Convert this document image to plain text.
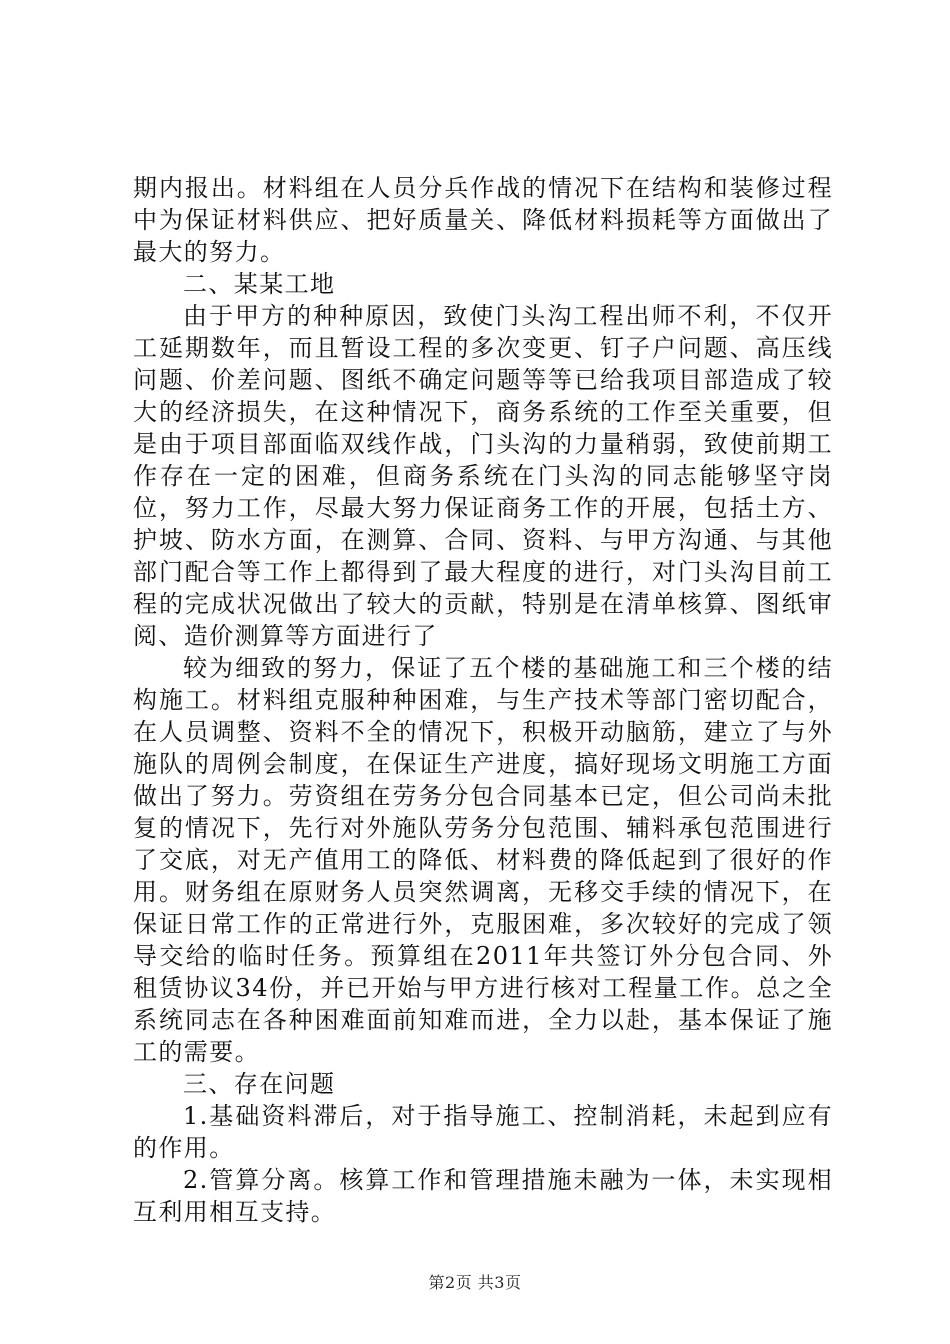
期内报出。材料组在人员分兵作战的情况下在结构和装修过程中为保证材料供应、把好质量关、降低材料损耗等方面做出了最大的努力。

二、某某工地

由于甲方的种种原因，致使门头沟工程出师不利，不仅开工延期数年，而且暂设工程的多次变更、钉子户问题、高压线问题、价差问题、图纸不确定问题等等已给我项目部造成了较大的经济损失，在这种情况下，商务系统的工作至关重要，但是由于项目部面临双线作战，门头沟的力量稍弱，致使前期工作存在一定的困难，但商务系统在门头沟的同志能够坚守岗位，努力工作，尽最大努力保证商务工作的开展，包括土方、护坡、防水方面，在测算、合同、资料、与甲方沟通、与其他部门配合等工作上都得到了最大程度的进行，对门头沟目前工程的完成状况做出了较大的贡献，特别是在清单核算、图纸审阅、造价测算等方面进行了

较为细致的努力，保证了五个楼的基础施工和三个楼的结构施工。材料组克服种种困难，与生产技术等部门密切配合，在人员调整、资料不全的情况下，积极开动脑筋，建立了与外施队的周例会制度，在保证生产进度，搞好现场文明施工方面做出了努力。劳资组在劳务分包合同基本已定，但公司尚未批复的情况下，先行对外施队劳务分包范围、辅料承包范围进行了交底，对无产值用工的降低、材料费的降低起到了很好的作用。财务组在原财务人员突然调离，无移交手续的情况下，在保证日常工作的正常进行外，克服困难，多次较好的完成了领导交给的临时任务。预算组在2011年共签订外分包合同、外租赁协议34份，并已开始与甲方进行核对工程量工作。总之全系统同志在各种困难面前知难而进，全力以赴，基本保证了施工的需要。

三、存在问题

1.基础资料滞后，对于指导施工、控制消耗，未起到应有的作用。

2.管算分离。核算工作和管理措施未融为一体，未实现相互利用相互支持。

第2页 共3页
